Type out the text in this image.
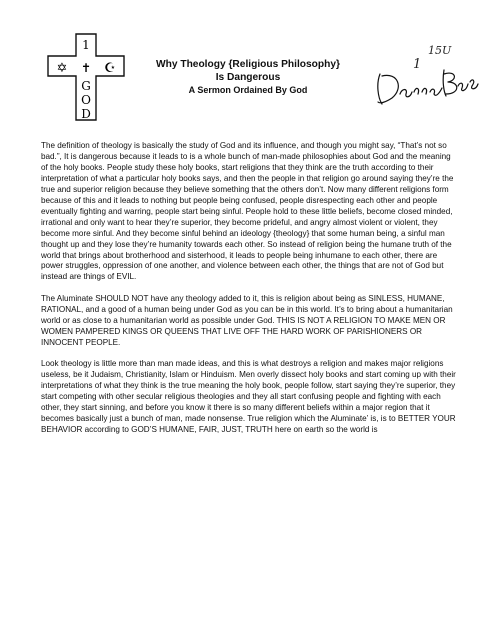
1
✝
G
O
D
✡	☪	Why Theology {Religious Philosophy}
Is Dangerous
A Sermon Ordained By God
15U
1

The definition of theology is basically the study of God and its influence, and though you might say, “That’s not so bad.”, It is dangerous because it leads to is a whole bunch of man-made philosophies about God and the meaning of the holy books. People study these holy books, start religions that they think are the truth according to their interpretation of what a particular holy books says, and then the people in that religion go around saying they’re the true and superior religion because they believe something that the others don’t. Now many different religions form because of this and it leads to nothing but people being confused, people disrespecting each other and people eventually fighting and warring, people start being sinful. People hold to these little beliefs, become closed minded, irrational and only want to hear they’re superior, they become prideful, and angry almost violent or violent, they become more sinful. And they become sinful behind an ideology {theology} that some human being, a sinful man thought up and they lose they’re humanity towards each other. So instead of religion being the humane truth of the world that brings about brotherhood and sisterhood, it leads to people being inhumane to each other, there are power struggles, oppression of one another, and violence between each other, the things that are not of God but instead are things of EVIL.

The Aluminate SHOULD NOT have any theology added to it, this is religion about being as SINLESS, HUMANE, RATIONAL, and a good of a human being under God as you can be in this world. It’s to bring about a humanitarian world or as close to a humanitarian world as possible under God. THIS IS NOT A RELIGION TO MAKE MEN OR WOMEN PAMPERED KINGS OR QUEENS THAT LIVE OFF THE HARD WORK OF PARISHIONERS OR INNOCENT PEOPLE.

Look theology is little more than man made ideas, and this is what destroys a religion and makes major religions useless, be it Judaism, Christianity, Islam or Hinduism. Men overly dissect holy books and start coming up with their interpretations of what they think is the true meaning the holy book, people follow, start saying they’re superior, they start competing with other secular religious theologies and they all start confusing people and fighting with each other, they start sinning, and before you know it there is so many different beliefs within a major region that it becomes basically just a bunch of man, made nonsense. True religion which the Aluminate’ is, is to BETTER YOUR BEHAVIOR according to GOD’S HUMANE, FAIR, JUST, TRUTH here on earth so the world is
